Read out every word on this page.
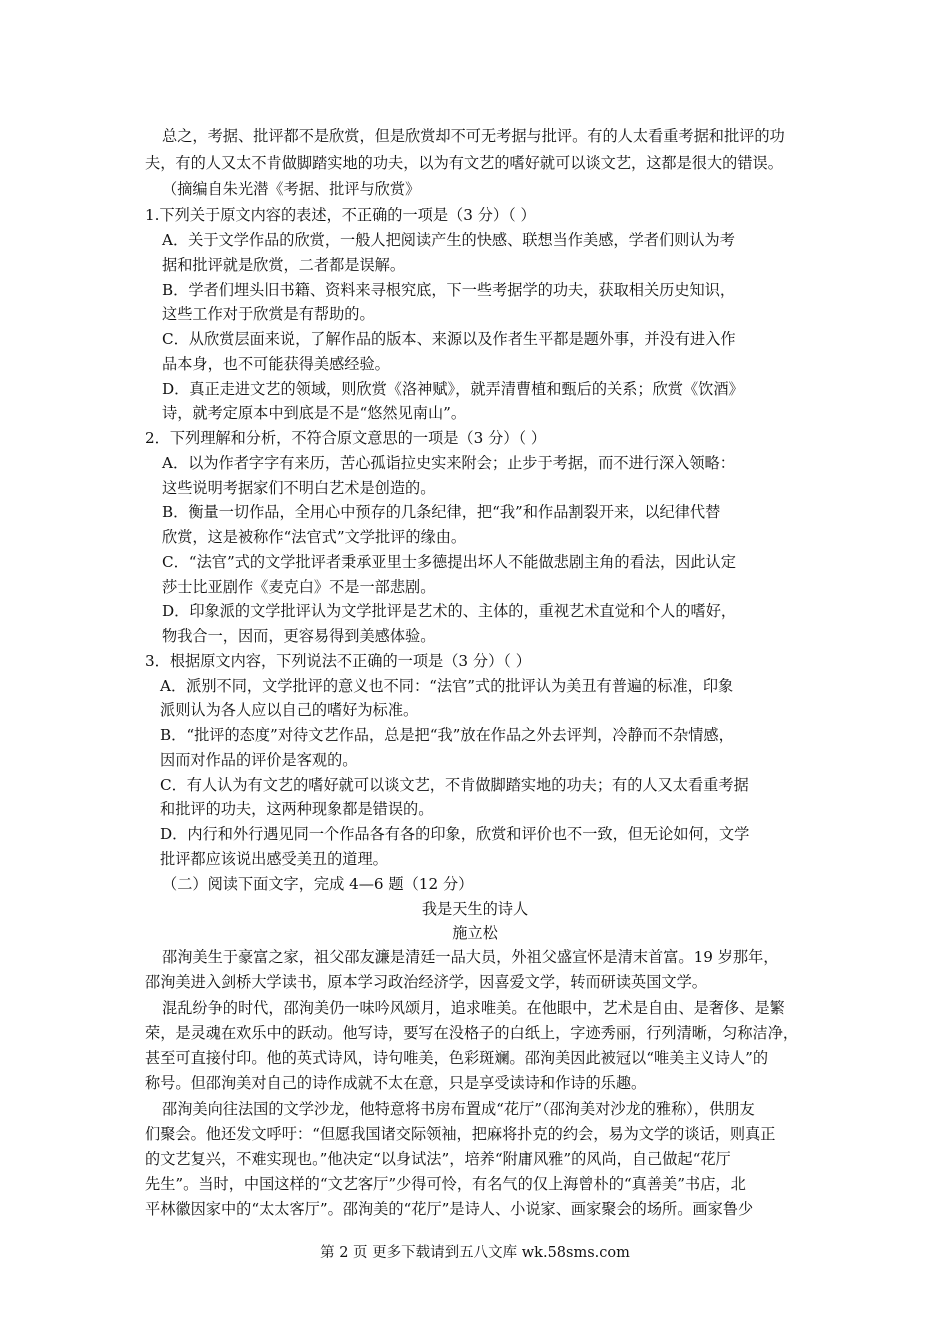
总之，考据、批评都不是欣赏，但是欣赏却不可无考据与批评。有的人太看重考据和批评的功
夫，有的人又太不肯做脚踏实地的功夫，以为有文艺的嗜好就可以谈文艺，这都是很大的错误。
（摘编自朱光潜《考据、批评与欣赏》
1.下列关于原文内容的表述，不正确的一项是（3 分）（ ）
A．关于文学作品的欣赏，一般人把阅读产生的快感、联想当作美感，学者们则认为考
据和批评就是欣赏，二者都是误解。
B．学者们埋头旧书籍、资料来寻根究底，下一些考据学的功夫，获取相关历史知识，
这些工作对于欣赏是有帮助的。
C．从欣赏层面来说，了解作品的版本、来源以及作者生平都是题外事，并没有进入作
品本身，也不可能获得美感经验。
D．真正走进文艺的领域，则欣赏《洛神赋》，就弄清曹植和甄后的关系；欣赏《饮酒》
诗，就考定原本中到底是不是“悠然见南山”。
2．下列理解和分析，不符合原文意思的一项是（3 分）（ ）
A．以为作者字字有来历，苦心孤诣拉史实来附会；止步于考据，而不进行深入领略：
这些说明考据家们不明白艺术是创造的。
B．衡量一切作品，全用心中预存的几条纪律，把“我”和作品割裂开来，以纪律代替
欣赏，这是被称作“法官式”文学批评的缘由。
C．“法官”式的文学批评者秉承亚里士多德提出坏人不能做悲剧主角的看法，因此认定
莎士比亚剧作《麦克白》不是一部悲剧。
D．印象派的文学批评认为文学批评是艺术的、主体的，重视艺术直觉和个人的嗜好，
物我合一，因而，更容易得到美感体验。
3．根据原文内容，下列说法不正确的一项是（3 分）（ ）
A．派别不同，文学批评的意义也不同：“法官”式的批评认为美丑有普遍的标准，印象
派则认为各人应以自己的嗜好为标准。
B．“批评的态度”对待文艺作品，总是把“我”放在作品之外去评判，冷静而不杂情感，
因而对作品的评价是客观的。
C．有人认为有文艺的嗜好就可以谈文艺，不肯做脚踏实地的功夫；有的人又太看重考据
和批评的功夫，这两种现象都是错误的。
D．内行和外行遇见同一个作品各有各的印象，欣赏和评价也不一致，但无论如何，文学
批评都应该说出感受美丑的道理。
（二）阅读下面文字，完成 4—6 题（12 分）
我是天生的诗人
施立松
邵洵美生于豪富之家，祖父邵友濂是清廷一品大员，外祖父盛宣怀是清末首富。19 岁那年，
邵洵美进入剑桥大学读书，原本学习政治经济学，因喜爱文学，转而研读英国文学。
混乱纷争的时代，邵洵美仍一味吟风颂月，追求唯美。在他眼中，艺术是自由、是奢侈、是繁
荣，是灵魂在欢乐中的跃动。他写诗，要写在没格子的白纸上，字迹秀丽，行列清晰，匀称洁净，
甚至可直接付印。他的英式诗风，诗句唯美，色彩斑斓。邵洵美因此被冠以“唯美主义诗人”的
称号。但邵洵美对自己的诗作成就不太在意，只是享受读诗和作诗的乐趣。
邵洵美向往法国的文学沙龙，他特意将书房布置成“花厅”（邵洵美对沙龙的雅称），供朋友
们聚会。他还发文呼吁：“但愿我国诸交际领袖，把麻将扑克的约会，易为文学的谈话，则真正
的文艺复兴，不难实现也。”他决定“以身试法”，培养“附庸风雅”的风尚，自己做起“花厅
先生”。当时，中国这样的“文艺客厅”少得可怜，有名气的仅上海曾朴的“真善美”书店，北
平林徽因家中的“太太客厅”。邵洵美的“花厅”是诗人、小说家、画家聚会的场所。画家鲁少
第 2 页 更多下载请到五八文库 wk.58sms.com
